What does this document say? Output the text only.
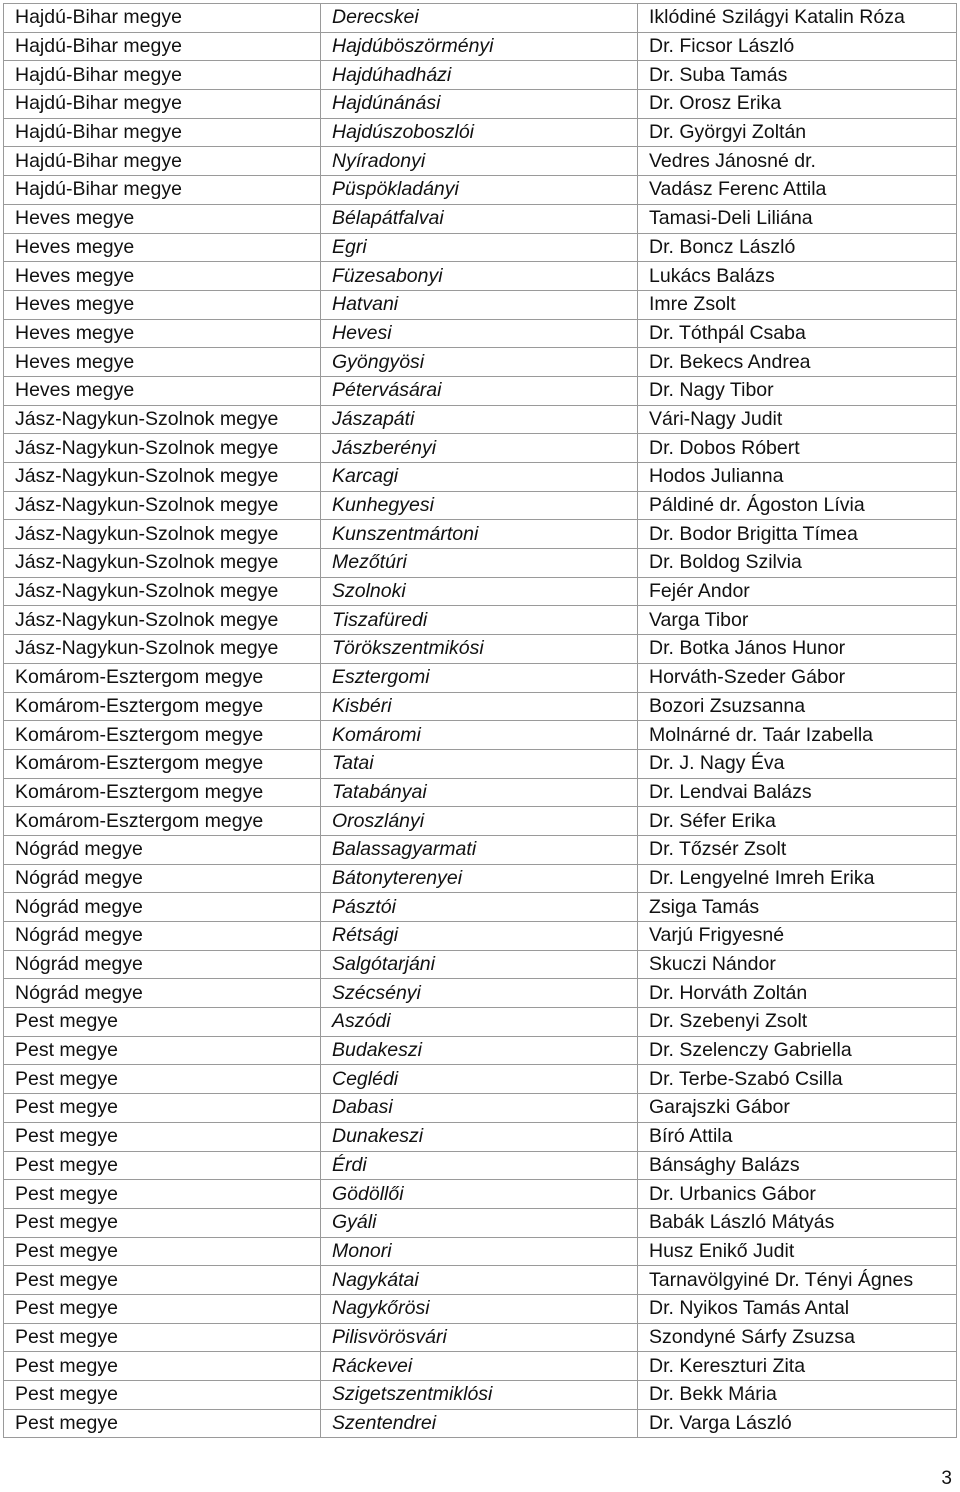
Hajdú-Bihar megye	Derecskei	Iklódiné Szilágyi Katalin Róza
Hajdú-Bihar megye	Hajdúböszörményi	Dr. Ficsor László
Hajdú-Bihar megye	Hajdúhadházi	Dr. Suba Tamás
Hajdú-Bihar megye	Hajdúnánási	Dr. Orosz Erika
Hajdú-Bihar megye	Hajdúszoboszlói	Dr. Györgyi Zoltán
Hajdú-Bihar megye	Nyíradonyi	Vedres Jánosné dr.
Hajdú-Bihar megye	Püspökladányi	Vadász Ferenc Attila
Heves megye	Bélapátfalvai	Tamasi-Deli Liliána
Heves megye	Egri	Dr. Boncz László
Heves megye	Füzesabonyi	Lukács Balázs
Heves megye	Hatvani	Imre Zsolt
Heves megye	Hevesi	Dr. Tóthpál Csaba
Heves megye	Gyöngyösi	Dr. Bekecs Andrea
Heves megye	Pétervásárai	Dr. Nagy Tibor
Jász-Nagykun-Szolnok megye	Jászapáti	Vári-Nagy Judit
Jász-Nagykun-Szolnok megye	Jászberényi	Dr. Dobos Róbert
Jász-Nagykun-Szolnok megye	Karcagi	Hodos Julianna
Jász-Nagykun-Szolnok megye	Kunhegyesi	Páldiné dr. Ágoston Lívia
Jász-Nagykun-Szolnok megye	Kunszentmártoni	Dr. Bodor Brigitta Tímea
Jász-Nagykun-Szolnok megye	Mezőtúri	Dr. Boldog Szilvia
Jász-Nagykun-Szolnok megye	Szolnoki	Fejér Andor
Jász-Nagykun-Szolnok megye	Tiszafüredi	Varga Tibor
Jász-Nagykun-Szolnok megye	Törökszentmikósi	Dr. Botka János Hunor
Komárom-Esztergom megye	Esztergomi	Horváth-Szeder Gábor
Komárom-Esztergom megye	Kisbéri	Bozori Zsuzsanna
Komárom-Esztergom megye	Komáromi	Molnárné dr. Taár Izabella
Komárom-Esztergom megye	Tatai	Dr. J. Nagy Éva
Komárom-Esztergom megye	Tatabányai	Dr. Lendvai Balázs
Komárom-Esztergom megye	Oroszlányi	Dr. Séfer Erika
Nógrád megye	Balassagyarmati	Dr. Tőzsér Zsolt
Nógrád megye	Bátonyterenyei	Dr. Lengyelné Imreh Erika
Nógrád megye	Pásztói	Zsiga Tamás
Nógrád megye	Rétsági	Varjú Frigyesné
Nógrád megye	Salgótarjáni	Skuczi Nándor
Nógrád megye	Szécsényi	Dr. Horváth Zoltán
Pest megye	Aszódi	Dr. Szebenyi Zsolt
Pest megye	Budakeszi	Dr. Szelenczy Gabriella
Pest megye	Ceglédi	Dr. Terbe-Szabó Csilla
Pest megye	Dabasi	Garajszki Gábor
Pest megye	Dunakeszi	Bíró Attila
Pest megye	Érdi	Bánsághy Balázs
Pest megye	Gödöllői	Dr. Urbanics Gábor
Pest megye	Gyáli	Babák László Mátyás
Pest megye	Monori	Husz Enikő Judit
Pest megye	Nagykátai	Tarnavölgyiné Dr. Tényi Ágnes
Pest megye	Nagykőrösi	Dr. Nyikos Tamás Antal
Pest megye	Pilisvörösvári	Szondyné Sárfy Zsuzsa
Pest megye	Ráckevei	Dr. Kereszturi Zita
Pest megye	Szigetszentmiklósi	Dr. Bekk Mária
Pest megye	Szentendrei	Dr. Varga László
3
